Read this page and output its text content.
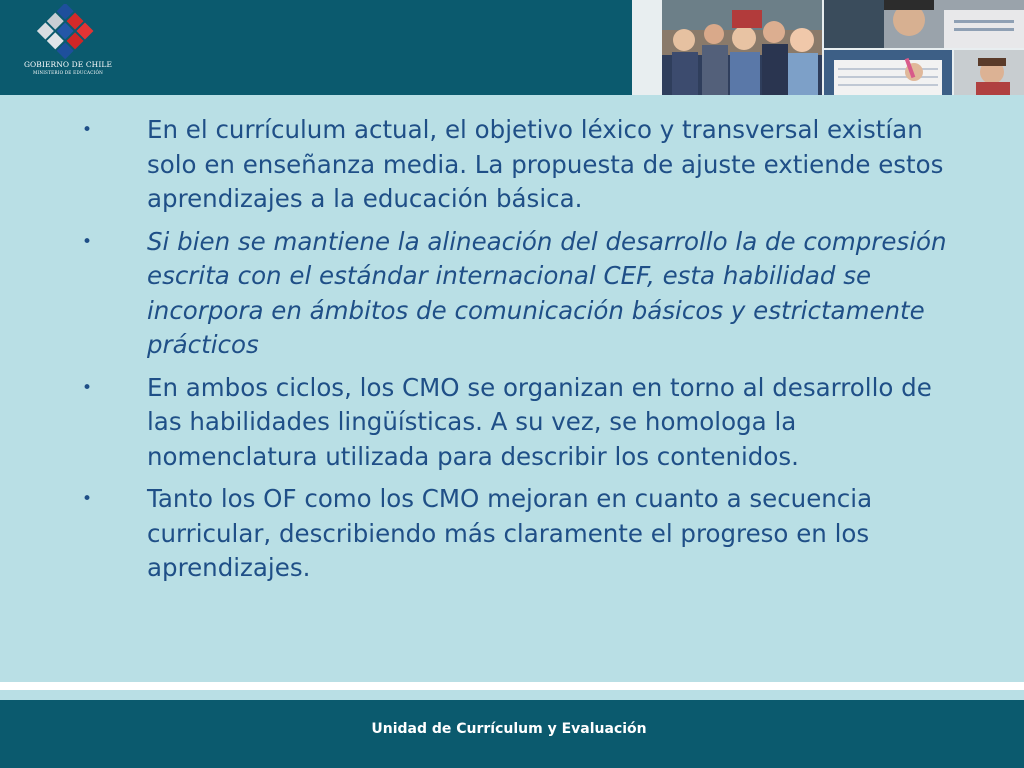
GOBIERNO DE CHILE
MINISTERIO DE EDUCACIÓN
• En el currículum actual, el objetivo léxico y transversal existían solo en enseñanza media. La propuesta de ajuste extiende estos aprendizajes a la educación básica.
• Si bien se mantiene la alineación del desarrollo la de compresión escrita con el estándar internacional CEF, esta habilidad se incorpora en ámbitos de comunicación básicos y estrictamente prácticos
• En ambos ciclos, los CMO se organizan en torno al desarrollo de las habilidades lingüísticas. A su vez, se homologa la nomenclatura utilizada para describir los contenidos.
• Tanto los OF como los CMO mejoran en cuanto a secuencia curricular, describiendo más claramente el progreso en los aprendizajes.
Unidad de Currículum y Evaluación
